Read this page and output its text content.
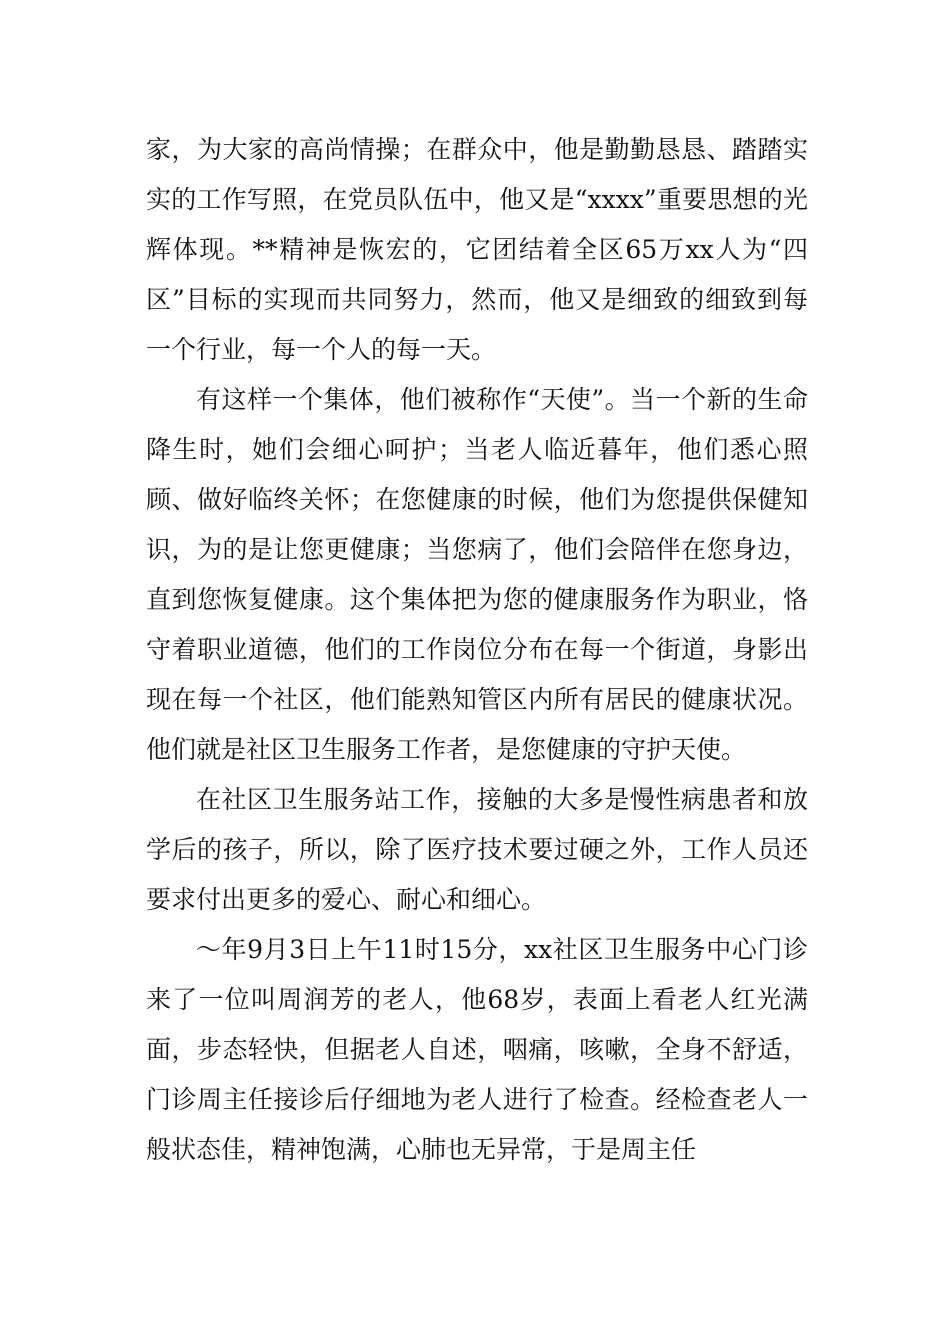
家，为大家的高尚情操；在群众中，他是勤勤恳恳、踏踏实实的工作写照，在党员队伍中，他又是“xxxx”重要思想的光辉体现。**精神是恢宏的，它团结着全区65万xx人为“四区”目标的实现而共同努力，然而，他又是细致的细致到每一个行业，每一个人的每一天。

有这样一个集体，他们被称作“天使”。当一个新的生命降生时，她们会细心呵护；当老人临近暮年，他们悉心照顾、做好临终关怀；在您健康的时候，他们为您提供保健知识，为的是让您更健康；当您病了，他们会陪伴在您身边，直到您恢复健康。这个集体把为您的健康服务作为职业，恪守着职业道德，他们的工作岗位分布在每一个街道，身影出现在每一个社区，他们能熟知管区内所有居民的健康状况。他们就是社区卫生服务工作者，是您健康的守护天使。

在社区卫生服务站工作，接触的大多是慢性病患者和放学后的孩子，所以，除了医疗技术要过硬之外，工作人员还要求付出更多的爱心、耐心和细心。

～年9月3日上午11时15分，xx社区卫生服务中心门诊来了一位叫周润芳的老人，他68岁，表面上看老人红光满面，步态轻快，但据老人自述，咽痛，咳嗽，全身不舒适，门诊周主任接诊后仔细地为老人进行了检查。经检查老人一般状态佳，精神饱满，心肺也无异常，于是周主任
